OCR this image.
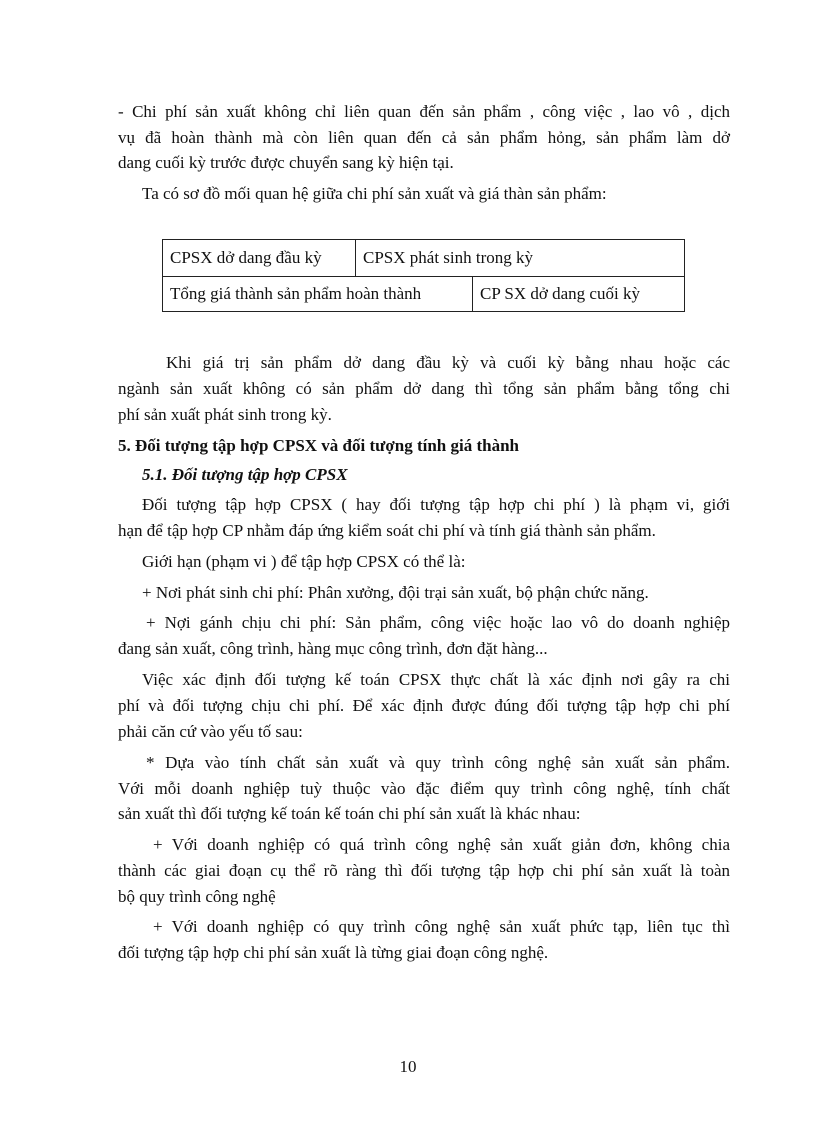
- Chi phí sản xuất không chỉ liên quan đến sản phẩm , công việc , lao vô , dịch
vụ đã hoàn thành mà còn liên quan đến cả sản phẩm hỏng, sản phẩm làm dở
dang cuối kỳ trước được chuyển sang kỳ hiện tại.
Ta có sơ đồ mối quan hệ giữa chi phí sản xuất và giá thàn sản phẩm:
CPSX dở dang đầu kỳ	CPSX phát sinh trong kỳ
Tổng giá thành sản phẩm hoàn thành	CP SX dở dang cuối kỳ
Khi giá trị sản phẩm dở dang đầu kỳ và cuối kỳ bằng nhau hoặc các
ngành sản xuất không có sản phẩm dở dang thì tổng sản phẩm bằng tổng chi
phí sản xuất phát sinh trong kỳ.
5. Đối tượng tập hợp CPSX và đối tượng tính giá thành
5.1. Đối tượng tập hợp CPSX
Đối tượng tập hợp CPSX ( hay đối tượng tập hợp chi phí ) là phạm vi, giới
hạn để tập hợp CP nhằm đáp ứng kiểm soát chi phí và tính giá thành sản phẩm.
Giới hạn (phạm vi ) để tập hợp CPSX có thể là:
+ Nơi phát sinh chi phí: Phân xưởng, đội trại sản xuất, bộ phận chức năng.
+ Nợi gánh chịu chi phí: Sản phẩm, công việc hoặc lao vô do doanh nghiệp
đang sản xuất, công trình, hàng mục công trình, đơn đặt hàng...
Việc xác định đối tượng kế toán CPSX thực chất là xác định nơi gây ra chi
phí và đối tượng chịu chi phí. Để xác định được đúng đối tượng tập hợp chi phí
phải căn cứ vào yếu tố sau:
* Dựa vào tính chất sản xuất và quy trình công nghệ sản xuất sản phẩm.
Với mỗi doanh nghiệp tuỳ thuộc vào đặc điểm quy trình công nghệ, tính chất
sản xuất thì đối tượng kế toán kế toán chi phí sản xuất là khác nhau:
+ Với doanh nghiệp có quá trình công nghệ sản xuất giản đơn, không chia
thành các giai đoạn cụ thể rõ ràng thì đối tượng tập hợp chi phí sản xuất là toàn
bộ quy trình công nghệ
+ Với doanh nghiệp có quy trình công nghệ sản xuất phức tạp, liên tục thì
đối tượng tập hợp chi phí sản xuất là từng giai đoạn công nghệ.
10
